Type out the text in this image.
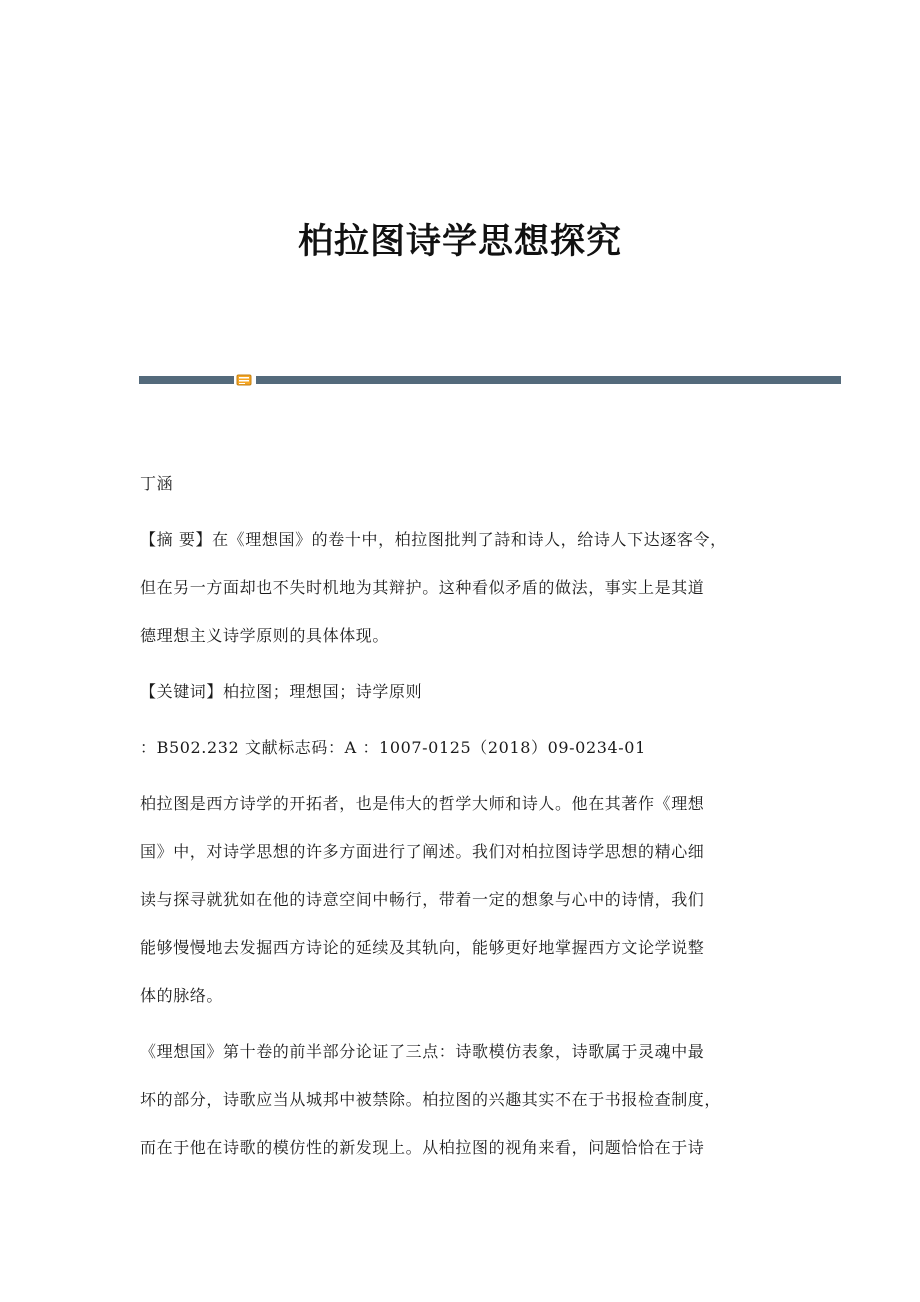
柏拉图诗学思想探究
丁涵
【摘 要】在《理想国》的卷十中，柏拉图批判了詩和诗人，给诗人下达逐客令，
但在另一方面却也不失时机地为其辩护。这种看似矛盾的做法，事实上是其道
德理想主义诗学原则的具体体现。
【关键词】柏拉图；理想国；诗学原则
：B502.232 文献标志码：A ：1007-0125（2018）09-0234-01
柏拉图是西方诗学的开拓者，也是伟大的哲学大师和诗人。他在其著作《理想
国》中，对诗学思想的许多方面进行了阐述。我们对柏拉图诗学思想的精心细
读与探寻就犹如在他的诗意空间中畅行，带着一定的想象与心中的诗情，我们
能够慢慢地去发掘西方诗论的延续及其轨向，能够更好地掌握西方文论学说整
体的脉络。
《理想国》第十卷的前半部分论证了三点：诗歌模仿表象，诗歌属于灵魂中最
坏的部分，诗歌应当从城邦中被禁除。柏拉图的兴趣其实不在于书报检查制度，
而在于他在诗歌的模仿性的新发现上。从柏拉图的视角来看，问题恰恰在于诗
